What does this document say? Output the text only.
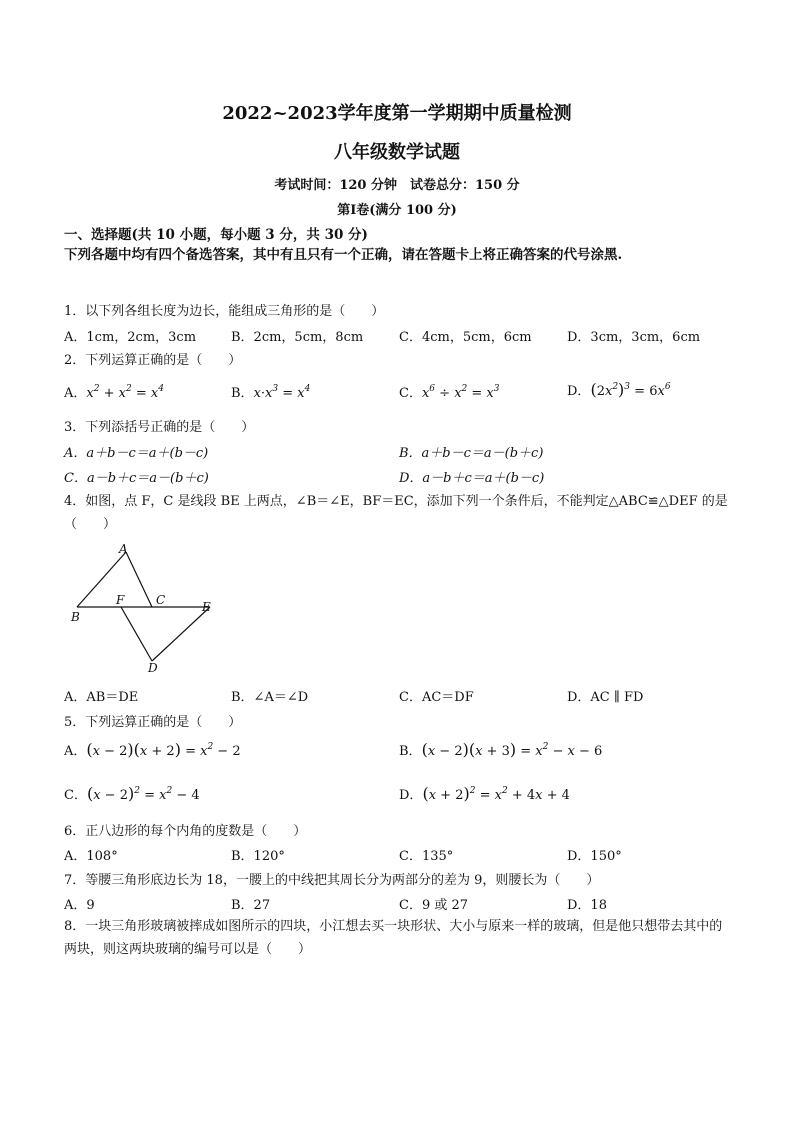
2022~2023学年度第一学期期中质量检测
八年级数学试题
考试时间：120 分钟　试卷总分：150 分
第Ⅰ卷(满分 100 分)
一、选择题(共 10 小题，每小题 3 分，共 30 分)
下列各题中均有四个备选答案，其中有且只有一个正确，请在答题卡上将正确答案的代号涂黑.
1．以下列各组长度为边长，能组成三角形的是（　　）
A．1cm，2cm，3cm	B．2cm，5cm，8cm	C．4cm，5cm，6cm	D．3cm，3cm，6cm
2．下列运算正确的是（　　）
A．$x^2 + x^2 = x^4$	B．$x\cdot x^3 = x^4$	C．$x^6 \div x^2 = x^3$	D．$(2x^2)^3 = 6x^6$
3．下列添括号正确的是（　　）
A．a＋b－c＝a＋(b－c)	B．a＋b－c＝a－(b＋c)
C．a－b＋c＝a－(b＋c)	D．a－b＋c＝a＋(b－c)
4．如图，点 F，C 是线段 BE 上两点，∠B＝∠E，BF＝EC，添加下列一个条件后，不能判定△ABC≌△DEF 的是（　　）
A
F	C	E
B
D
A．AB＝DE	B．∠A＝∠D	C．AC＝DF	D．AC ∥ FD
5．下列运算正确的是（　　）
A．$(x - 2)(x + 2) = x^2 - 2$	B．$(x - 2)(x + 3) = x^2 - x - 6$
C．$(x - 2)^2 = x^2 - 4$	D．$(x + 2)^2 = x^2 + 4x + 4$
6．正八边形的每个内角的度数是（　　）
A．108°	B．120°	C．135°	D．150°
7．等腰三角形底边长为 18，一腰上的中线把其周长分为两部分的差为 9，则腰长为（　　）
A．9	B．27	C．9 或 27	D．18
8．一块三角形玻璃被摔成如图所示的四块，小江想去买一块形状、大小与原来一样的玻璃，但是他只想带去其中的两块，则这两块玻璃的编号可以是（　　）
